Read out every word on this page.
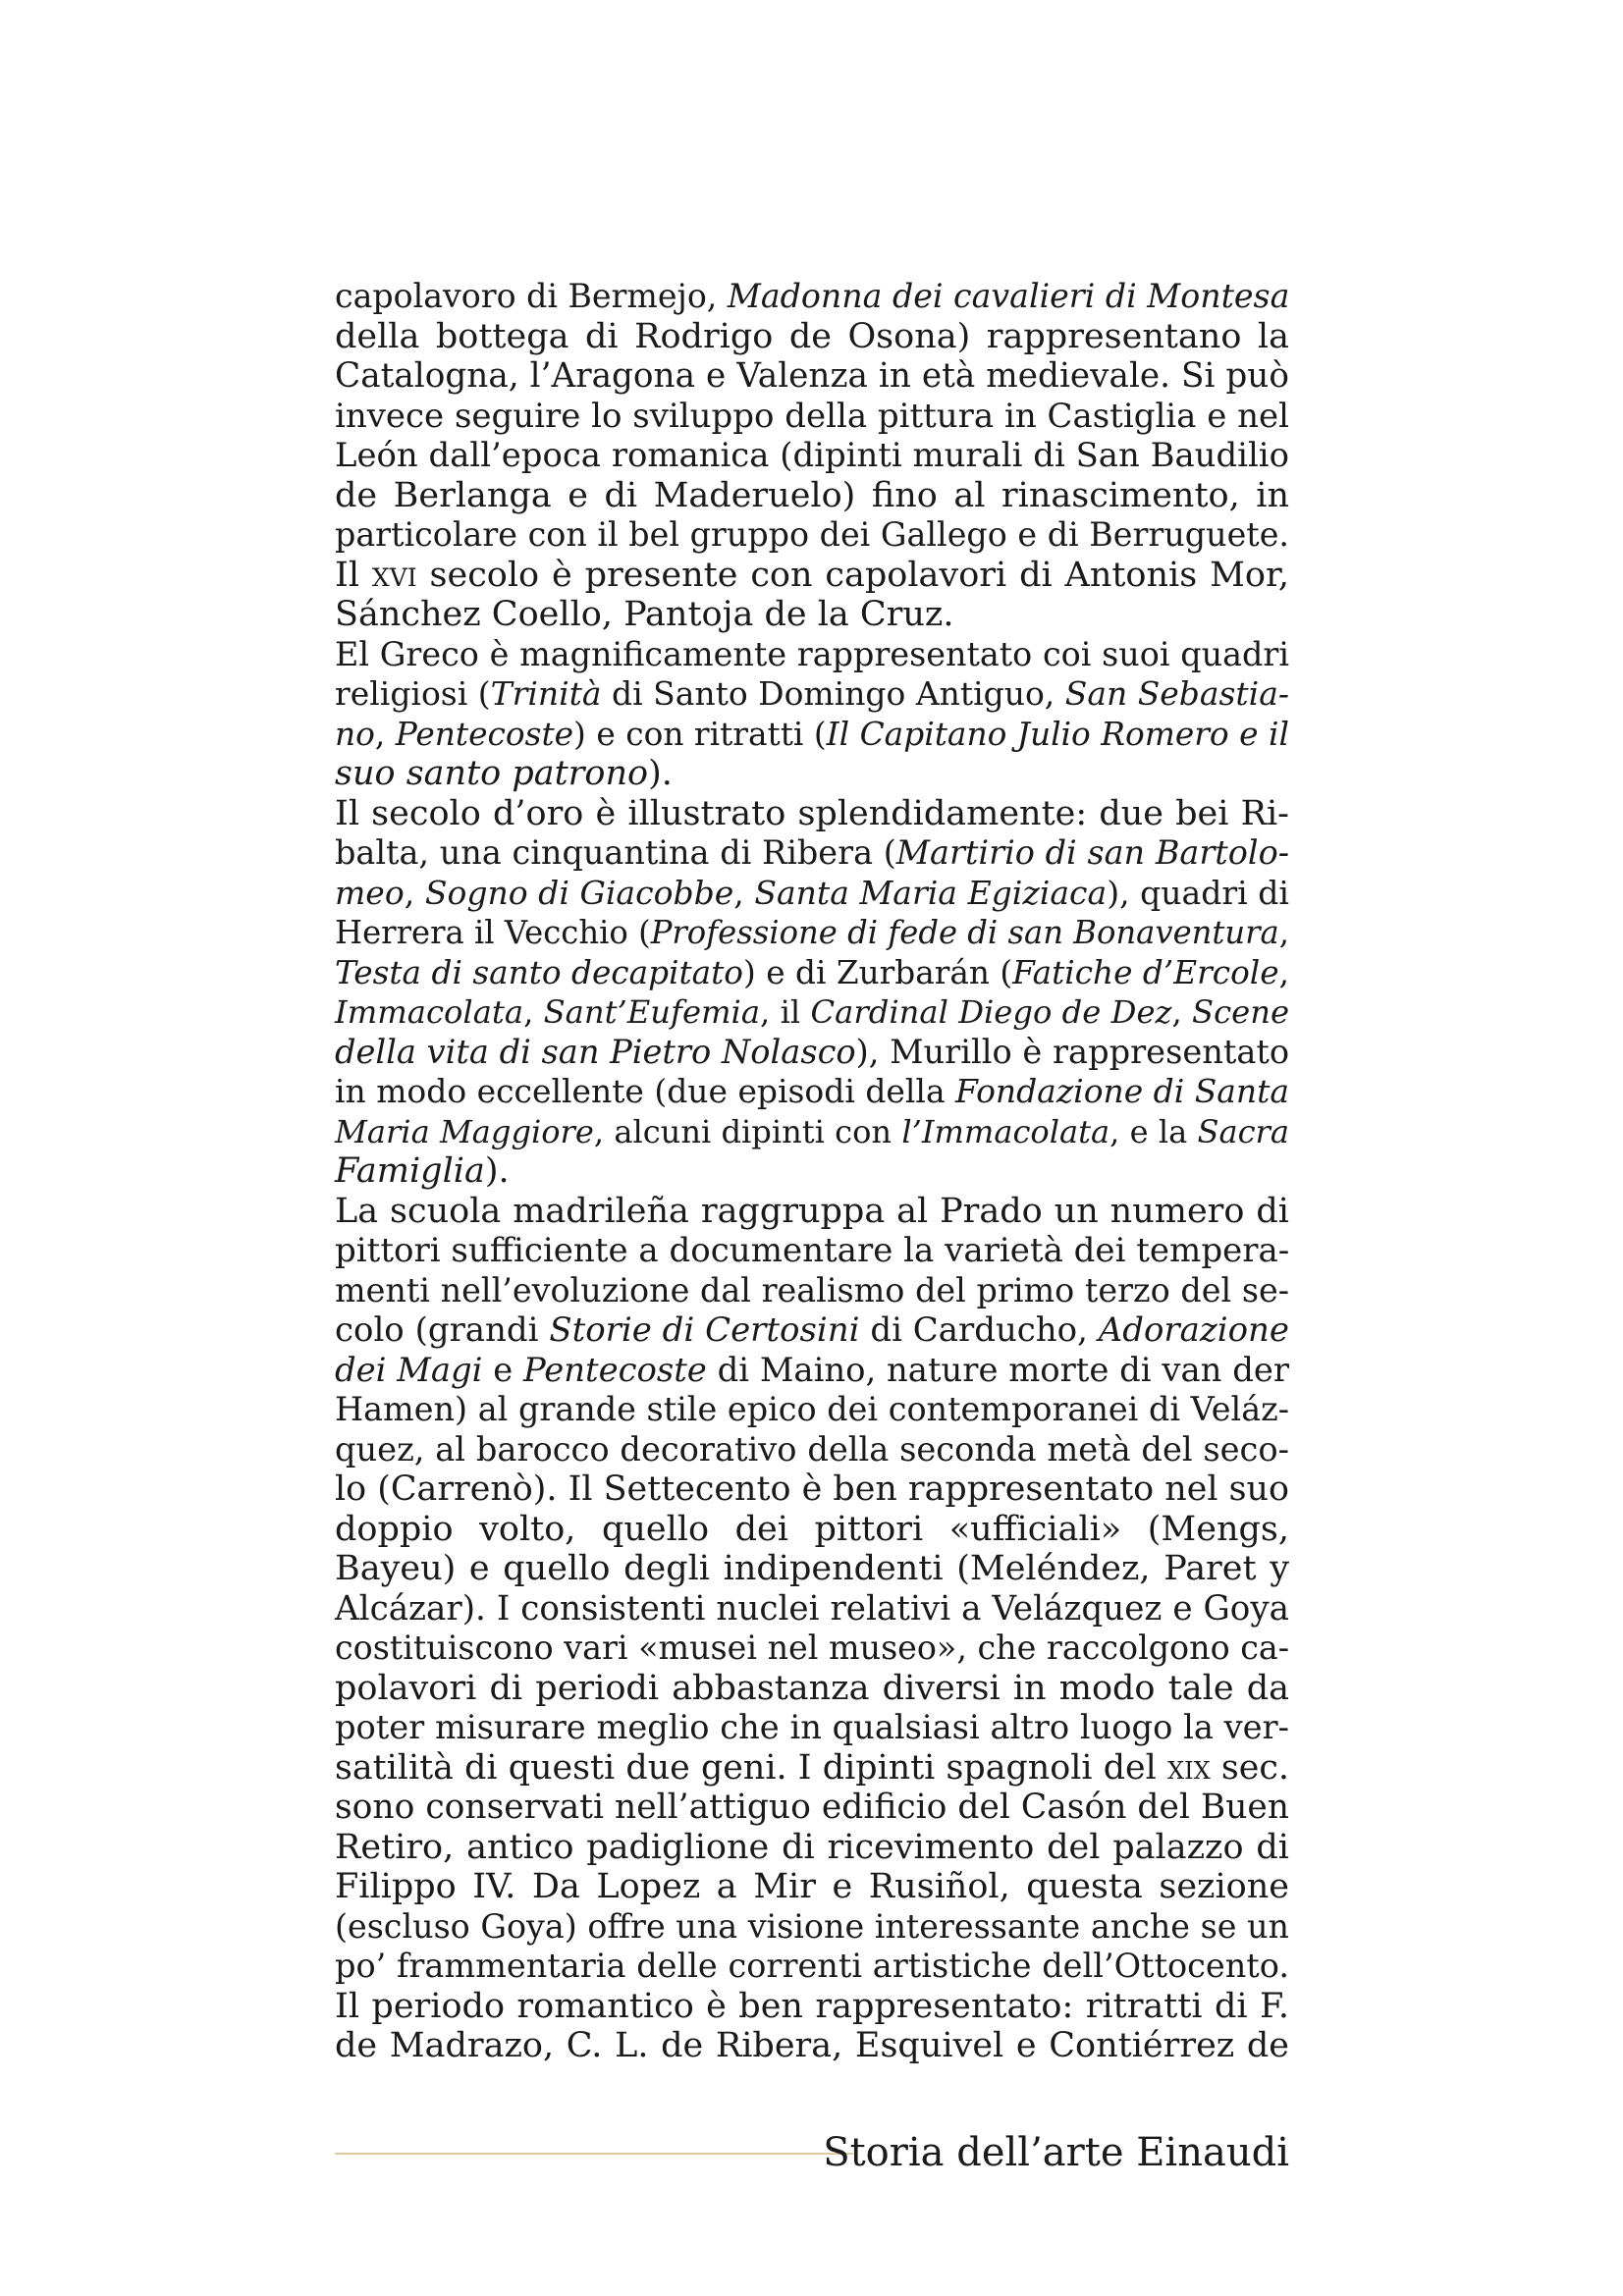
capolavoro di Bermejo, Madonna dei cavalieri di Montesa
della bottega di Rodrigo de Osona) rappresentano la
Catalogna, l’Aragona e Valenza in età medievale. Si può
invece seguire lo sviluppo della pittura in Castiglia e nel
León dall’epoca romanica (dipinti murali di San Baudilio
de Berlanga e di Maderuelo) fino al rinascimento, in
particolare con il bel gruppo dei Gallego e di Berruguete.
Il xvi secolo è presente con capolavori di Antonis Mor,
Sánchez Coello, Pantoja de la Cruz.
El Greco è magnificamente rappresentato coi suoi quadri
religiosi (Trinità di Santo Domingo Antiguo, San Sebastia-
no, Pentecoste) e con ritratti (Il Capitano Julio Romero e il
suo santo patrono).
Il secolo d’oro è illustrato splendidamente: due bei Ri-
balta, una cinquantina di Ribera (Martirio di san Bartolo-
meo, Sogno di Giacobbe, Santa Maria Egiziaca), quadri di
Herrera il Vecchio (Professione di fede di san Bonaventura,
Testa di santo decapitato) e di Zurbarán (Fatiche d’Ercole,
Immacolata, Sant’Eufemia, il Cardinal Diego de Dez, Scene
della vita di san Pietro Nolasco), Murillo è rappresentato
in modo eccellente (due episodi della Fondazione di Santa
Maria Maggiore, alcuni dipinti con l’Immacolata, e la Sacra
Famiglia).
La scuola madrileña raggruppa al Prado un numero di
pittori sufficiente a documentare la varietà dei tempera-
menti nell’evoluzione dal realismo del primo terzo del se-
colo (grandi Storie di Certosini di Carducho, Adorazione
dei Magi e Pentecoste di Maino, nature morte di van der
Hamen) al grande stile epico dei contemporanei di Veláz-
quez, al barocco decorativo della seconda metà del seco-
lo (Carrenò). Il Settecento è ben rappresentato nel suo
doppio volto, quello dei pittori «ufficiali» (Mengs,
Bayeu) e quello degli indipendenti (Meléndez, Paret y
Alcázar). I consistenti nuclei relativi a Velázquez e Goya
costituiscono vari «musei nel museo», che raccolgono ca-
polavori di periodi abbastanza diversi in modo tale da
poter misurare meglio che in qualsiasi altro luogo la ver-
satilità di questi due geni. I dipinti spagnoli del xix sec.
sono conservati nell’attiguo edificio del Casón del Buen
Retiro, antico padiglione di ricevimento del palazzo di
Filippo IV. Da Lopez a Mir e Rusiñol, questa sezione
(escluso Goya) offre una visione interessante anche se un
po’ frammentaria delle correnti artistiche dell’Ottocento.
Il periodo romantico è ben rappresentato: ritratti di F.
de Madrazo, C. L. de Ribera, Esquivel e Contiérrez de
Storia dell’arte Einaudi
